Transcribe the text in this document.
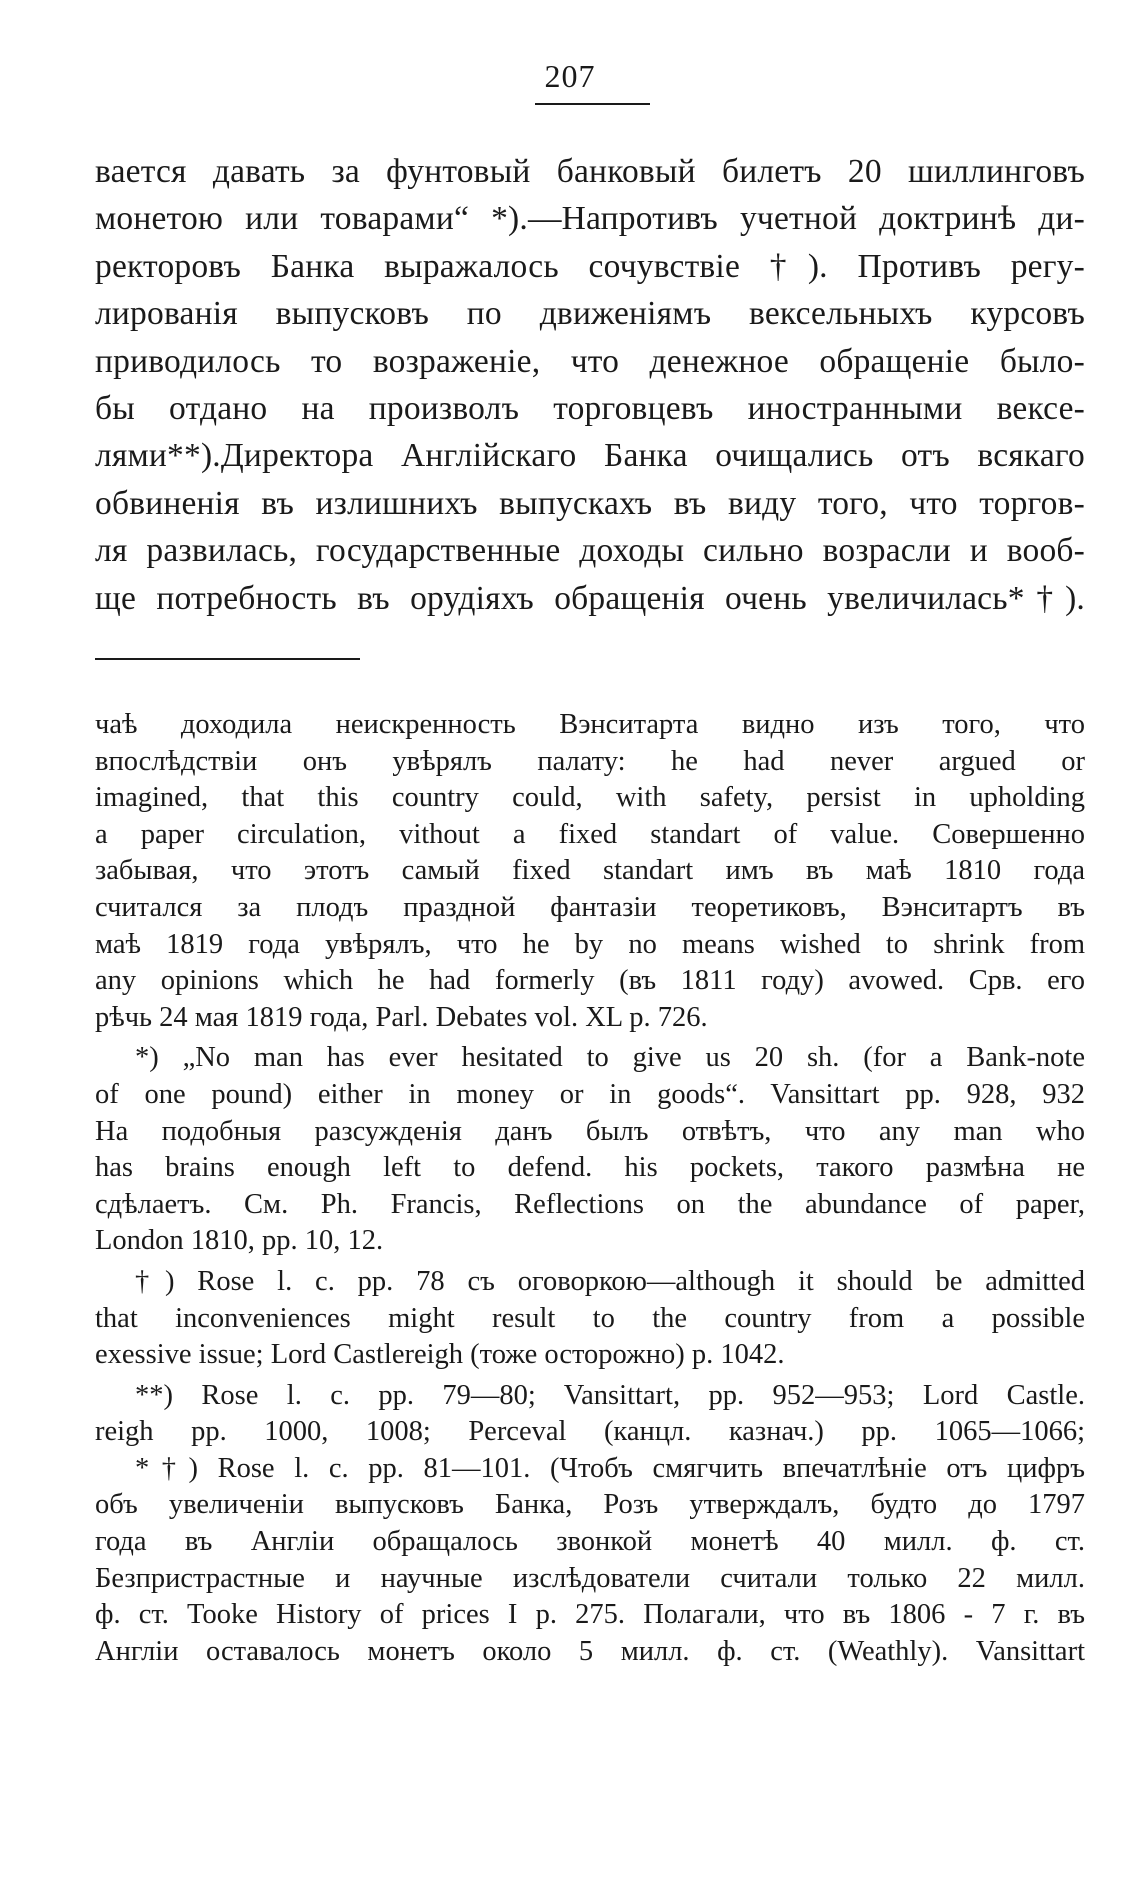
207
вается давать за фунтовый банковый билетъ 20 шиллинговъ
монетою или товарами“ *).—Напротивъ учетной доктринѣ ди-
ректоровъ Банка выражалось сочувствіе †). Противъ регу-
лированія выпусковъ по движеніямъ вексельныхъ курсовъ
приводилось то возраженіе, что денежное обращеніе было-
бы отдано на произволъ торговцевъ иностранными вексе-
лями**).Директора Англійскаго Банка очищались отъ всякаго
обвиненія въ излишнихъ выпускахъ въ виду того, что торгов-
ля развилась, государственные доходы сильно возрасли и вооб-
ще потребность въ орудіяхъ обращенія очень увеличилась*†).
чаѣ доходила неискренность Вэнситарта видно изъ того, что
впослѣдствіи онъ увѣрялъ палату: he had never argued or
imagined, that this country could, with safety, persist in upholding
a paper circulation, vithout a fixed standart of value. Совершенно
забывая, что этотъ самый fixed standart имъ въ маѣ 1810 года
считался за плодъ праздной фантазіи теоретиковъ, Вэнситартъ въ
маѣ 1819 года увѣрялъ, что he by no means wished to shrink from
any opinions which he had formerly (въ 1811 году) avowed. Срв. его
рѣчь 24 мая 1819 года, Parl. Debates vol. XL p. 726.
*) „No man has ever hesitated to give us 20 sh. (for a Bank-note
of one pound) either in money or in goods“. Vansittart pp. 928, 932
На подобныя разсужденія данъ былъ отвѣтъ, что any man who
has brains enough left to defend. his pockets, такого размѣна не
сдѣлаетъ. См. Ph. Francis, Reflections on the abundance of paper,
London 1810, pp. 10, 12.
†) Rose l. c. pp. 78 съ оговоркою—although it should be admitted
that inconveniences might result to the country from a possible
exessive issue; Lord Castlereigh (тоже осторожно) p. 1042.
**) Rose l. c. pp. 79—80; Vansittart, pp. 952—953; Lord Castle.
reigh pp. 1000, 1008; Perceval (канцл. казнач.) pp. 1065—1066;
*†) Rose l. c. pp. 81—101. (Чтобъ смягчить впечатлѣніе отъ цифръ
объ увеличеніи выпусковъ Банка, Розъ утверждалъ, будто до 1797
года въ Англіи обращалось звонкой монетѣ 40 милл. ф. ст.
Безпристрастные и научные изслѣдователи считали только 22 милл.
ф. ст. Tooke History of prices I p. 275. Полагали, что въ 1806 - 7 г. въ
Англіи оставалось монетъ около 5 милл. ф. ст. (Weathly). Vansittart
